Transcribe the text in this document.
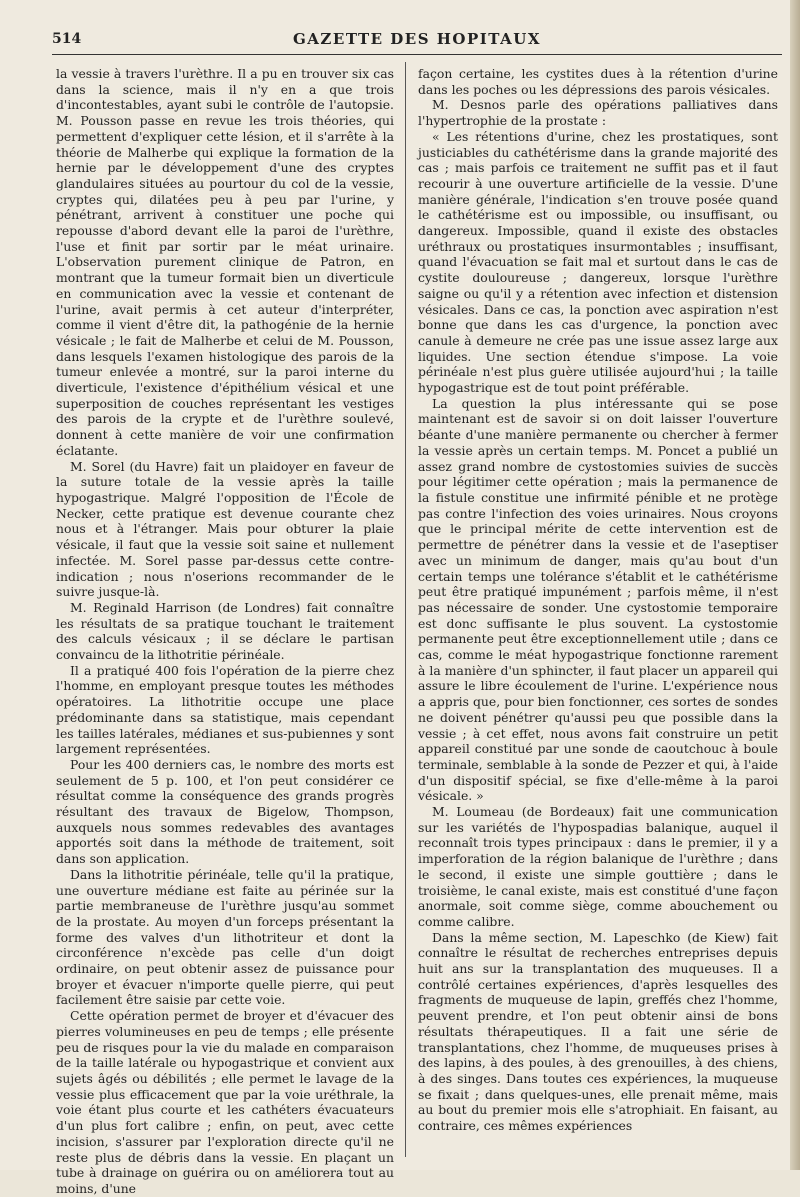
514	GAZETTE DES HOPITAUX

la vessie à travers l'urèthre. Il a pu en trouver six cas dans la science, mais il n'y en a que trois d'incontestables, ayant subi le contrôle de l'autopsie. M. Pousson passe en revue les trois théories, qui permettent d'expliquer cette lésion, et il s'arrête à la théorie de Malherbe qui explique la formation de la hernie par le développement d'une des cryptes glandulaires situées au pourtour du col de la vessie, cryptes qui, dilatées peu à peu par l'urine, y pénétrant, arrivent à constituer une poche qui repousse d'abord devant elle la paroi de l'urèthre, l'use et finit par sortir par le méat urinaire. L'observation purement clinique de Patron, en montrant que la tumeur formait bien un diverticule en communication avec la vessie et contenant de l'urine, avait permis à cet auteur d'interpréter, comme il vient d'être dit, la pathogénie de la hernie vésicale ; le fait de Malherbe et celui de M. Pousson, dans lesquels l'examen histologique des parois de la tumeur enlevée a montré, sur la paroi interne du diverticule, l'existence d'épithélium vésical et une superposition de couches représentant les vestiges des parois de la crypte et de l'urèthre soulevé, donnent à cette manière de voir une confirmation éclatante.

M. Sorel (du Havre) fait un plaidoyer en faveur de la suture totale de la vessie après la taille hypogastrique. Malgré l'opposition de l'École de Necker, cette pratique est devenue courante chez nous et à l'étranger. Mais pour obturer la plaie vésicale, il faut que la vessie soit saine et nullement infectée. M. Sorel passe par-dessus cette contre-indication ; nous n'oserions recommander de le suivre jusque-là.

M. Reginald Harrison (de Londres) fait connaître les résultats de sa pratique touchant le traitement des calculs vésicaux ; il se déclare le partisan convaincu de la lithotritie périnéale.

Il a pratiqué 400 fois l'opération de la pierre chez l'homme, en employant presque toutes les méthodes opératoires. La lithotritie occupe une place prédominante dans sa statistique, mais cependant les tailles latérales, médianes et sus-pubiennes y sont largement représentées.

Pour les 400 derniers cas, le nombre des morts est seulement de 5 p. 100, et l'on peut considérer ce résultat comme la conséquence des grands progrès résultant des travaux de Bigelow, Thompson, auxquels nous sommes redevables des avantages apportés soit dans la méthode de traitement, soit dans son application.

Dans la lithotritie périnéale, telle qu'il la pratique, une ouverture médiane est faite au périnée sur la partie membraneuse de l'urèthre jusqu'au sommet de la prostate. Au moyen d'un forceps présentant la forme des valves d'un lithotriteur et dont la circonférence n'excède pas celle d'un doigt ordinaire, on peut obtenir assez de puissance pour broyer et évacuer n'importe quelle pierre, qui peut facilement être saisie par cette voie.

Cette opération permet de broyer et d'évacuer des pierres volumineuses en peu de temps ; elle présente peu de risques pour la vie du malade en comparaison de la taille latérale ou hypogastrique et convient aux sujets âgés ou débilités ; elle permet le lavage de la vessie plus efficacement que par la voie uréthrale, la voie étant plus courte et les cathéters évacuateurs d'un plus fort calibre ; enfin, on peut, avec cette incision, s'assurer par l'exploration directe qu'il ne reste plus de débris dans la vessie. En plaçant un tube à drainage on guérira ou on améliorera tout au moins, d'une

façon certaine, les cystites dues à la rétention d'urine dans les poches ou les dépressions des parois vésicales.

M. Desnos parle des opérations palliatives dans l'hypertrophie de la prostate :

« Les rétentions d'urine, chez les prostatiques, sont justiciables du cathétérisme dans la grande majorité des cas ; mais parfois ce traitement ne suffit pas et il faut recourir à une ouverture artificielle de la vessie. D'une manière générale, l'indication s'en trouve posée quand le cathétérisme est ou impossible, ou insuffisant, ou dangereux. Impossible, quand il existe des obstacles uréthraux ou prostatiques insurmontables ; insuffisant, quand l'évacuation se fait mal et surtout dans le cas de cystite douloureuse ; dangereux, lorsque l'urèthre saigne ou qu'il y a rétention avec infection et distension vésicales. Dans ce cas, la ponction avec aspiration n'est bonne que dans les cas d'urgence, la ponction avec canule à demeure ne crée pas une issue assez large aux liquides. Une section étendue s'impose. La voie périnéale n'est plus guère utilisée aujourd'hui ; la taille hypogastrique est de tout point préférable.

La question la plus intéressante qui se pose maintenant est de savoir si on doit laisser l'ouverture béante d'une manière permanente ou chercher à fermer la vessie après un certain temps. M. Poncet a publié un assez grand nombre de cystostomies suivies de succès pour légitimer cette opération ; mais la permanence de la fistule constitue une infirmité pénible et ne protège pas contre l'infection des voies urinaires. Nous croyons que le principal mérite de cette intervention est de permettre de pénétrer dans la vessie et de l'aseptiser avec un minimum de danger, mais qu'au bout d'un certain temps une tolérance s'établit et le cathétérisme peut être pratiqué impunément ; parfois même, il n'est pas nécessaire de sonder. Une cystostomie temporaire est donc suffisante le plus souvent. La cystostomie permanente peut être exceptionnellement utile ; dans ce cas, comme le méat hypogastrique fonctionne rarement à la manière d'un sphincter, il faut placer un appareil qui assure le libre écoulement de l'urine. L'expérience nous a appris que, pour bien fonctionner, ces sortes de sondes ne doivent pénétrer qu'aussi peu que possible dans la vessie ; à cet effet, nous avons fait construire un petit appareil constitué par une sonde de caoutchouc à boule terminale, semblable à la sonde de Pezzer et qui, à l'aide d'un dispositif spécial, se fixe d'elle-même à la paroi vésicale. »

M. Loumeau (de Bordeaux) fait une communication sur les variétés de l'hypospadias balanique, auquel il reconnaît trois types principaux : dans le premier, il y a imperforation de la région balanique de l'urèthre ; dans le second, il existe une simple gouttière ; dans le troisième, le canal existe, mais est constitué d'une façon anormale, soit comme siège, comme abouchement ou comme calibre.

Dans la même section, M. Lapeschko (de Kiew) fait connaître le résultat de recherches entreprises depuis huit ans sur la transplantation des muqueuses. Il a contrôlé certaines expériences, d'après lesquelles des fragments de muqueuse de lapin, greffés chez l'homme, peuvent prendre, et l'on peut obtenir ainsi de bons résultats thérapeutiques. Il a fait une série de transplantations, chez l'homme, de muqueuses prises à des lapins, à des poules, à des grenouilles, à des chiens, à des singes. Dans toutes ces expériences, la muqueuse se fixait ; dans quelques-unes, elle prenait même, mais au bout du premier mois elle s'atrophiait. En faisant, au contraire, ces mêmes expériences
